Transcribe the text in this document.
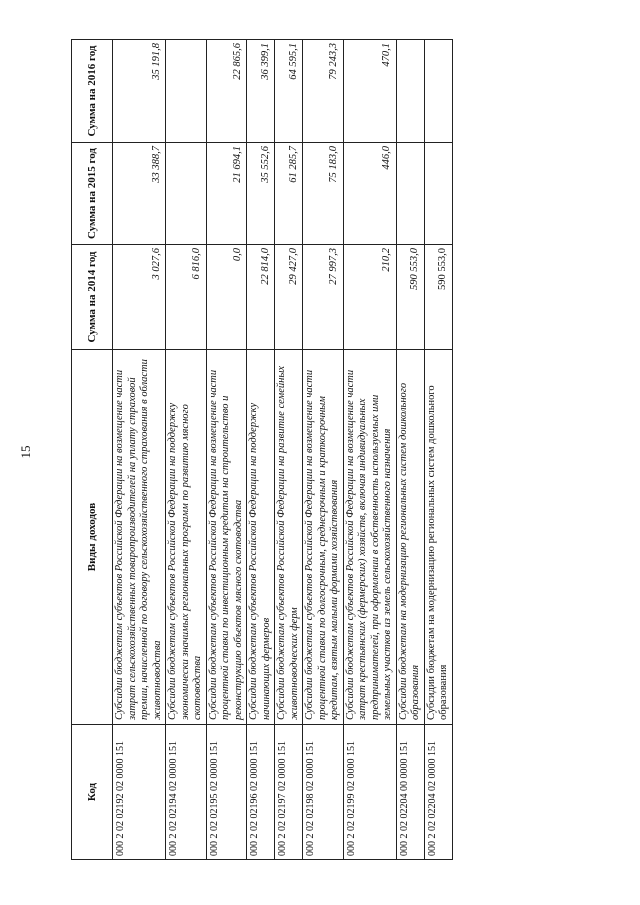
15
Код	Виды доходов	Сумма на 2014 год	Сумма на 2015 год	Сумма на 2016 год
000 2 02 02192 02 0000 151	Субсидии бюджетам субъектов Российской Федерации на возмещение части затрат сельскохозяйственных товаропроизводителей на уплату страховой премии, начисленной по договору сельскохозяйственного страхования в области животноводства	3 027,6	33 388,7	35 191,8
000 2 02 02194 02 0000 151	Субсидии бюджетам субъектов Российской Федерации на поддержку экономически значимых региональных программ по развитию мясного скотоводства	6 816,0		
000 2 02 02195 02 0000 151	Субсидии бюджетам субъектов Российской Федерации на возмещение части процентной ставки по инвестиционным кредитам на строительство и реконструкцию объектов мясного скотоводства	0,0	21 694,1	22 865,6
000 2 02 02196 02 0000 151	Субсидии бюджетам субъектов Российской Федерации на поддержку начинающих фермеров	22 814,0	35 552,6	36 399,1
000 2 02 02197 02 0000 151	Субсидии бюджетам субъектов Российской Федерации на развитие семейных животноводческих ферм	29 427,0	61 285,7	64 595,1
000 2 02 02198 02 0000 151	Субсидии бюджетам субъектов Российской Федерации на возмещение части процентной ставки по долгосрочным, среднесрочным и краткосрочным кредитам, взятым малыми формами хозяйствования	27 997,3	75 183,0	79 243,3
000 2 02 02199 02 0000 151	Субсидии бюджетам субъектов Российской Федерации на возмещение части затрат крестьянских (фермерских) хозяйств, включая индивидуальных предпринимателей, при оформлении в собственность используемых ими земельных участков из земель сельскохозяйственного назначения	210,2	446,0	470,1
000 2 02 02204 00 0000 151	Субсидии бюджетам на модернизацию региональных систем дошкольного образования	590 553,0		
000 2 02 02204 02 0000 151	Субсидии бюджетам на модернизацию региональных систем дошкольного образования	590 553,0		
